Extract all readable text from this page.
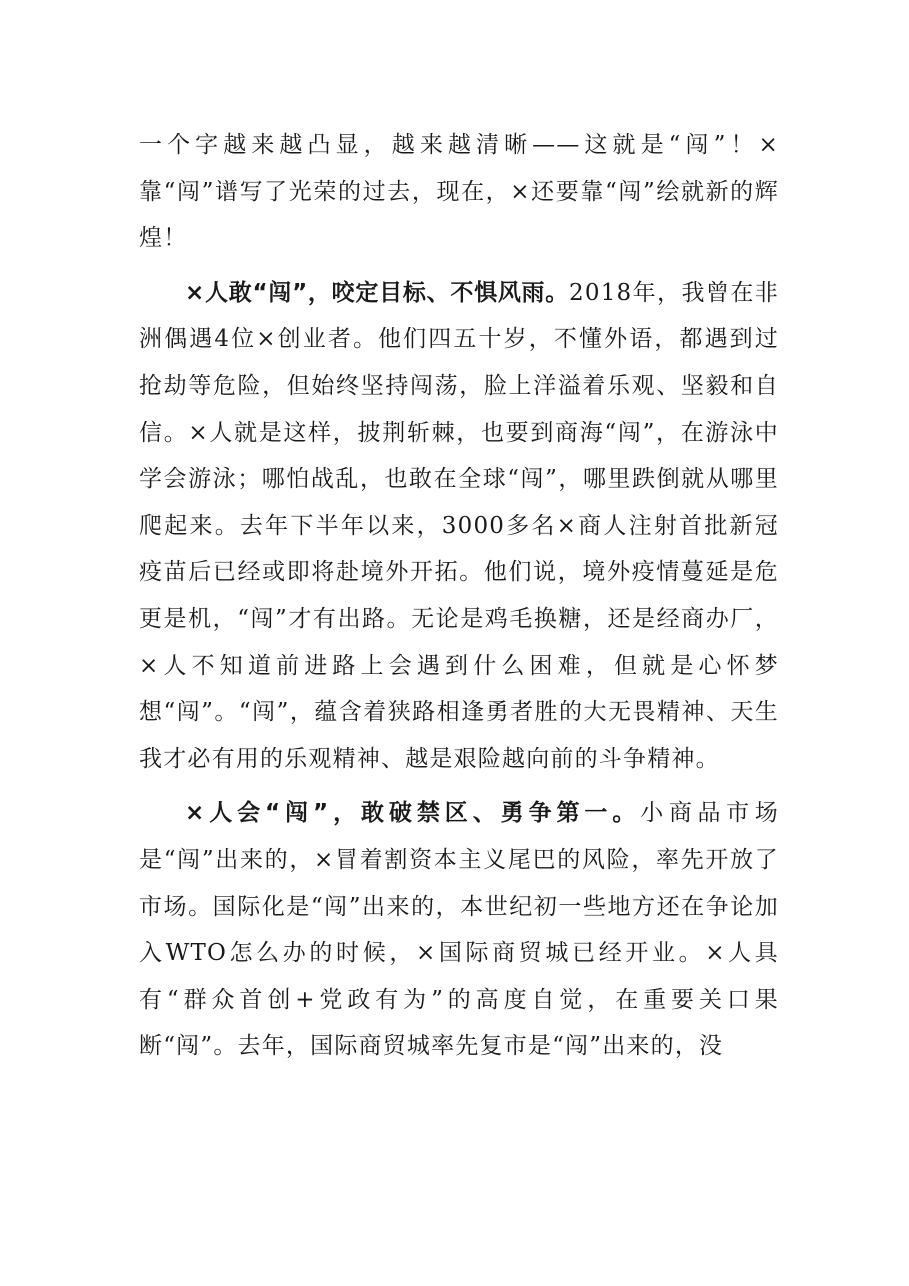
一个字越来越凸显，越来越清晰——这就是“闯”！×靠“闯”谱写了光荣的过去，现在，×还要靠“闯”绘就新的辉煌！

×人敢“闯”，咬定目标、不惧风雨。2018年，我曾在非洲偶遇4位×创业者。他们四五十岁，不懂外语，都遇到过抢劫等危险，但始终坚持闯荡，脸上洋溢着乐观、坚毅和自信。×人就是这样，披荆斩棘，也要到商海“闯”，在游泳中学会游泳；哪怕战乱，也敢在全球“闯”，哪里跌倒就从哪里爬起来。去年下半年以来，3000多名×商人注射首批新冠疫苗后已经或即将赴境外开拓。他们说，境外疫情蔓延是危更是机，“闯”才有出路。无论是鸡毛换糖，还是经商办厂，×人不知道前进路上会遇到什么困难，但就是心怀梦想“闯”。“闯”，蕴含着狭路相逢勇者胜的大无畏精神、天生我才必有用的乐观精神、越是艰险越向前的斗争精神。

×人会“闯”，敢破禁区、勇争第一。小商品市场是“闯”出来的，×冒着割资本主义尾巴的风险，率先开放了市场。国际化是“闯”出来的，本世纪初一些地方还在争论加入WTO怎么办的时候，×国际商贸城已经开业。×人具有“群众首创+党政有为”的高度自觉，在重要关口果断“闯”。去年，国际商贸城率先复市是“闯”出来的，没
